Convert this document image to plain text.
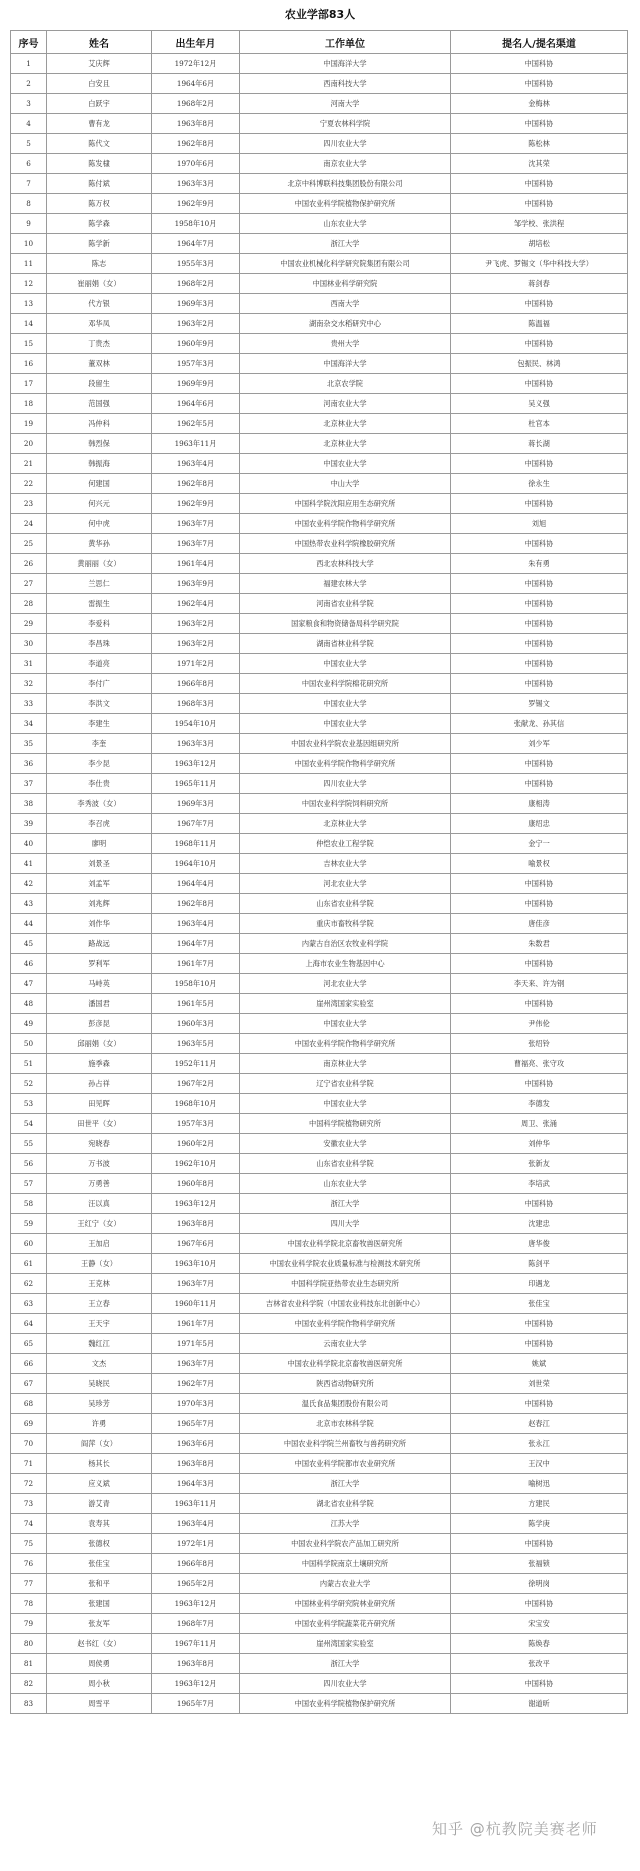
农业学部83人
序号	姓名	出生年月	工作单位	提名人/提名渠道
1	艾庆辉	1972年12月	中国海洋大学	中国科协
2	白安且	1964年6月	西南科技大学	中国科协
3	白跃宇	1968年2月	河南大学	金梅林
4	曹有龙	1963年8月	宁夏农林科学院	中国科协
5	陈代文	1962年8月	四川农业大学	陈松林
6	陈发棣	1970年6月	南京农业大学	沈其荣
7	陈付斌	1963年3月	北京中科博联科技集团股份有限公司	中国科协
8	陈万权	1962年9月	中国农业科学院植物保护研究所	中国科协
9	陈学森	1958年10月	山东农业大学	邹学校、张洪程
10	陈学新	1964年7月	浙江大学	胡培松
11	陈志	1955年3月	中国农业机械化科学研究院集团有限公司	尹飞虎、罗锡文（华中科技大学）
12	崔丽娟（女）	1968年2月	中国林业科学研究院	蒋剑春
13	代方银	1969年3月	西南大学	中国科协
14	邓华凤	1963年2月	湖南杂交水稻研究中心	陈温福
15	丁贵杰	1960年9月	贵州大学	中国科协
16	董双林	1957年3月	中国海洋大学	包振民、林鸿
17	段留生	1969年9月	北京农学院	中国科协
18	范国强	1964年6月	河南农业大学	吴义强
19	冯仲科	1962年5月	北京林业大学	杜官本
20	韩烈保	1963年11月	北京林业大学	蒋长湖
21	韩振海	1963年4月	中国农业大学	中国科协
22	何建国	1962年8月	中山大学	徐永生
23	何兴元	1962年9月	中国科学院沈阳应用生态研究所	中国科协
24	何中虎	1963年7月	中国农业科学院作物科学研究所	刘旭
25	黄华孙	1963年7月	中国热带农业科学院橡胶研究所	中国科协
26	黄丽丽（女）	1961年4月	西北农林科技大学	朱有勇
27	兰思仁	1963年9月	福建农林大学	中国科协
28	雷振生	1962年4月	河南省农业科学院	中国科协
29	李爱科	1963年2月	国家粮食和物资储备局科学研究院	中国科协
30	李昌珠	1963年2月	湖南省林业科学院	中国科协
31	李道亮	1971年2月	中国农业大学	中国科协
32	李付广	1966年8月	中国农业科学院棉花研究所	中国科协
33	李洪文	1968年3月	中国农业大学	罗锡文
34	李建生	1954年10月	中国农业大学	张献龙、孙其信
35	李奎	1963年3月	中国农业科学院农业基因组研究所	刘少军
36	李少昆	1963年12月	中国农业科学院作物科学研究所	中国科协
37	李仕贵	1965年11月	四川农业大学	中国科协
38	李秀波（女）	1969年3月	中国农业科学院饲料研究所	康相涛
39	李召虎	1967年7月	北京林业大学	康绍忠
40	廖明	1968年11月	仲恺农业工程学院	金宁一
41	刘景圣	1964年10月	吉林农业大学	喻景权
42	刘孟军	1964年4月	河北农业大学	中国科协
43	刘兆辉	1962年8月	山东省农业科学院	中国科协
44	刘作华	1963年4月	重庆市畜牧科学院	唐佳彦
45	路战远	1964年7月	内蒙古自治区农牧业科学院	朱数君
46	罗利军	1961年7月	上海市农业生物基因中心	中国科协
47	马峙英	1958年10月	河北农业大学	李天来、许为钢
48	潘国君	1961年5月	崖州湾国家实验室	中国科协
49	彭彦昆	1960年3月	中国农业大学	尹伟伦
50	邱丽娟（女）	1963年5月	中国农业科学院作物科学研究所	张绍铃
51	施季森	1952年11月	南京林业大学	曹福亮、张守攻
52	孙占祥	1967年2月	辽宁省农业科学院	中国科协
53	田见晖	1968年10月	中国农业大学	李德发
54	田世平（女）	1957年3月	中国科学院植物研究所	周卫、张涌
55	宛晓春	1960年2月	安徽农业大学	刘仲华
56	万书波	1962年10月	山东省农业科学院	张新友
57	万勇善	1960年8月	山东农业大学	李培武
58	汪以真	1963年12月	浙江大学	中国科协
59	王红宁（女）	1963年8月	四川大学	沈建忠
60	王加启	1967年6月	中国农业科学院北京畜牧兽医研究所	唐华俊
61	王静（女）	1963年10月	中国农业科学院农业质量标准与检测技术研究所	陈剑平
62	王克林	1963年7月	中国科学院亚热带农业生态研究所	印遇龙
63	王立春	1960年11月	吉林省农业科学院（中国农业科技东北创新中心）	张佳宝
64	王天宇	1961年7月	中国农业科学院作物科学研究所	中国科协
65	魏红江	1971年5月	云南农业大学	中国科协
66	文杰	1963年7月	中国农业科学院北京畜牧兽医研究所	姚斌
67	吴晓民	1962年7月	陕西省动物研究所	刘世荣
68	吴珍芳	1970年3月	温氏食品集团股份有限公司	中国科协
69	许勇	1965年7月	北京市农林科学院	赵春江
70	阎萍（女）	1963年6月	中国农业科学院兰州畜牧与兽药研究所	张永江
71	杨其长	1963年8月	中国农业科学院都市农业研究所	王汉中
72	应义斌	1964年3月	浙江大学	喻树迅
73	游艾青	1963年11月	湖北省农业科学院	方建民
74	袁寿其	1963年4月	江苏大学	陈学庚
75	张德权	1972年1月	中国农业科学院农产品加工研究所	中国科协
76	张佳宝	1966年8月	中国科学院南京土壤研究所	张福锁
77	张和平	1965年2月	内蒙古农业大学	徐明岗
78	张建国	1963年12月	中国林业科学研究院林业研究所	中国科协
79	张友军	1968年7月	中国农业科学院蔬菜花卉研究所	宋宝安
80	赵书红（女）	1967年11月	崖州湾国家实验室	陈焕春
81	周侯勇	1963年8月	浙江大学	张改平
82	周小秋	1963年12月	四川农业大学	中国科协
83	周雪平	1965年7月	中国农业科学院植物保护研究所	谢道昕
知乎 @杭教院美赛老师
